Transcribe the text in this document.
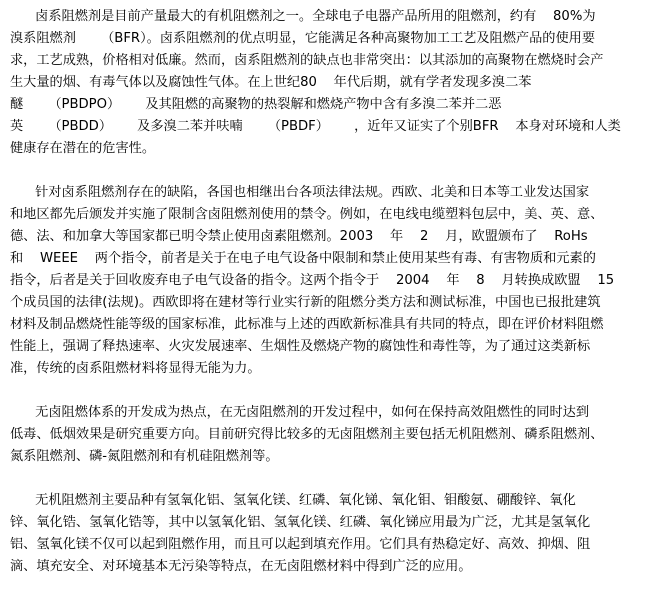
卤系阻燃剂是目前产量最大的有机阻燃剂之一。全球电子电器产品所用的阻燃剂，约有    80%为
溴系阻燃剂      （BFR）。卤系阻燃剂的优点明显，它能满足各种高聚物加工工艺及阻燃产品的使用要
求，工艺成熟，价格相对低廉。然而，卤系阻燃剂的缺点也非常突出：以其添加的高聚物在燃烧时会产
生大量的烟、有毒气体以及腐蚀性气体。在上世纪80    年代后期，就有学者发现多溴二苯
醚      （PBDPO）      及其阻燃的高聚物的热裂解和燃烧产物中含有多溴二苯并二恶
英      （PBDD）      及多溴二苯并呋喃      （PBDF）      ，近年又证实了个别BFR    本身对环境和人类
健康存在潜在的危害性。
针对卤系阻燃剂存在的缺陷，各国也相继出台各项法律法规。西欧、北美和日本等工业发达国家
和地区都先后颁发并实施了限制含卤阻燃剂使用的禁令。例如，在电线电缆塑料包层中，美、英、意、
德、法、和加拿大等国家都已明令禁止使用卤素阻燃剂。2003    年    2    月，欧盟颁布了    RoHs
和    WEEE    两个指令，前者是关于在电子电气设备中限制和禁止使用某些有毒、有害物质和元素的
指令，后者是关于回收废弃电子电气设备的指令。这两个指令于    2004    年    8    月转换成欧盟    15
个成员国的法律(法规)。西欧即将在建材等行业实行新的阻燃分类方法和测试标准，中国也已报批建筑
材料及制品燃烧性能等级的国家标准，此标准与上述的西欧新标准具有共同的特点，即在评价材料阻燃
性能上，强调了释热速率、火灾发展速率、生烟性及燃烧产物的腐蚀性和毒性等，为了通过这类新标
准，传统的卤系阻燃材料将显得无能为力。
无卤阻燃体系的开发成为热点，在无卤阻燃剂的开发过程中，如何在保持高效阻燃性的同时达到
低毒、低烟效果是研究重要方向。目前研究得比较多的无卤阻燃剂主要包括无机阻燃剂、磷系阻燃剂、
氮系阻燃剂、磷-氮阻燃剂和有机硅阻燃剂等。
无机阻燃剂主要品种有氢氧化铝、氢氧化镁、红磷、氧化锑、氧化钼、钼酸氨、硼酸锌、氧化
锌、氧化锆、氢氧化锆等，其中以氢氧化铝、氢氧化镁、红磷、氧化锑应用最为广泛，尤其是氢氧化
铝、氢氧化镁不仅可以起到阻燃作用，而且可以起到填充作用。它们具有热稳定好、高效、抑烟、阻
滴、填充安全、对环境基本无污染等特点，在无卤阻燃材料中得到广泛的应用。
